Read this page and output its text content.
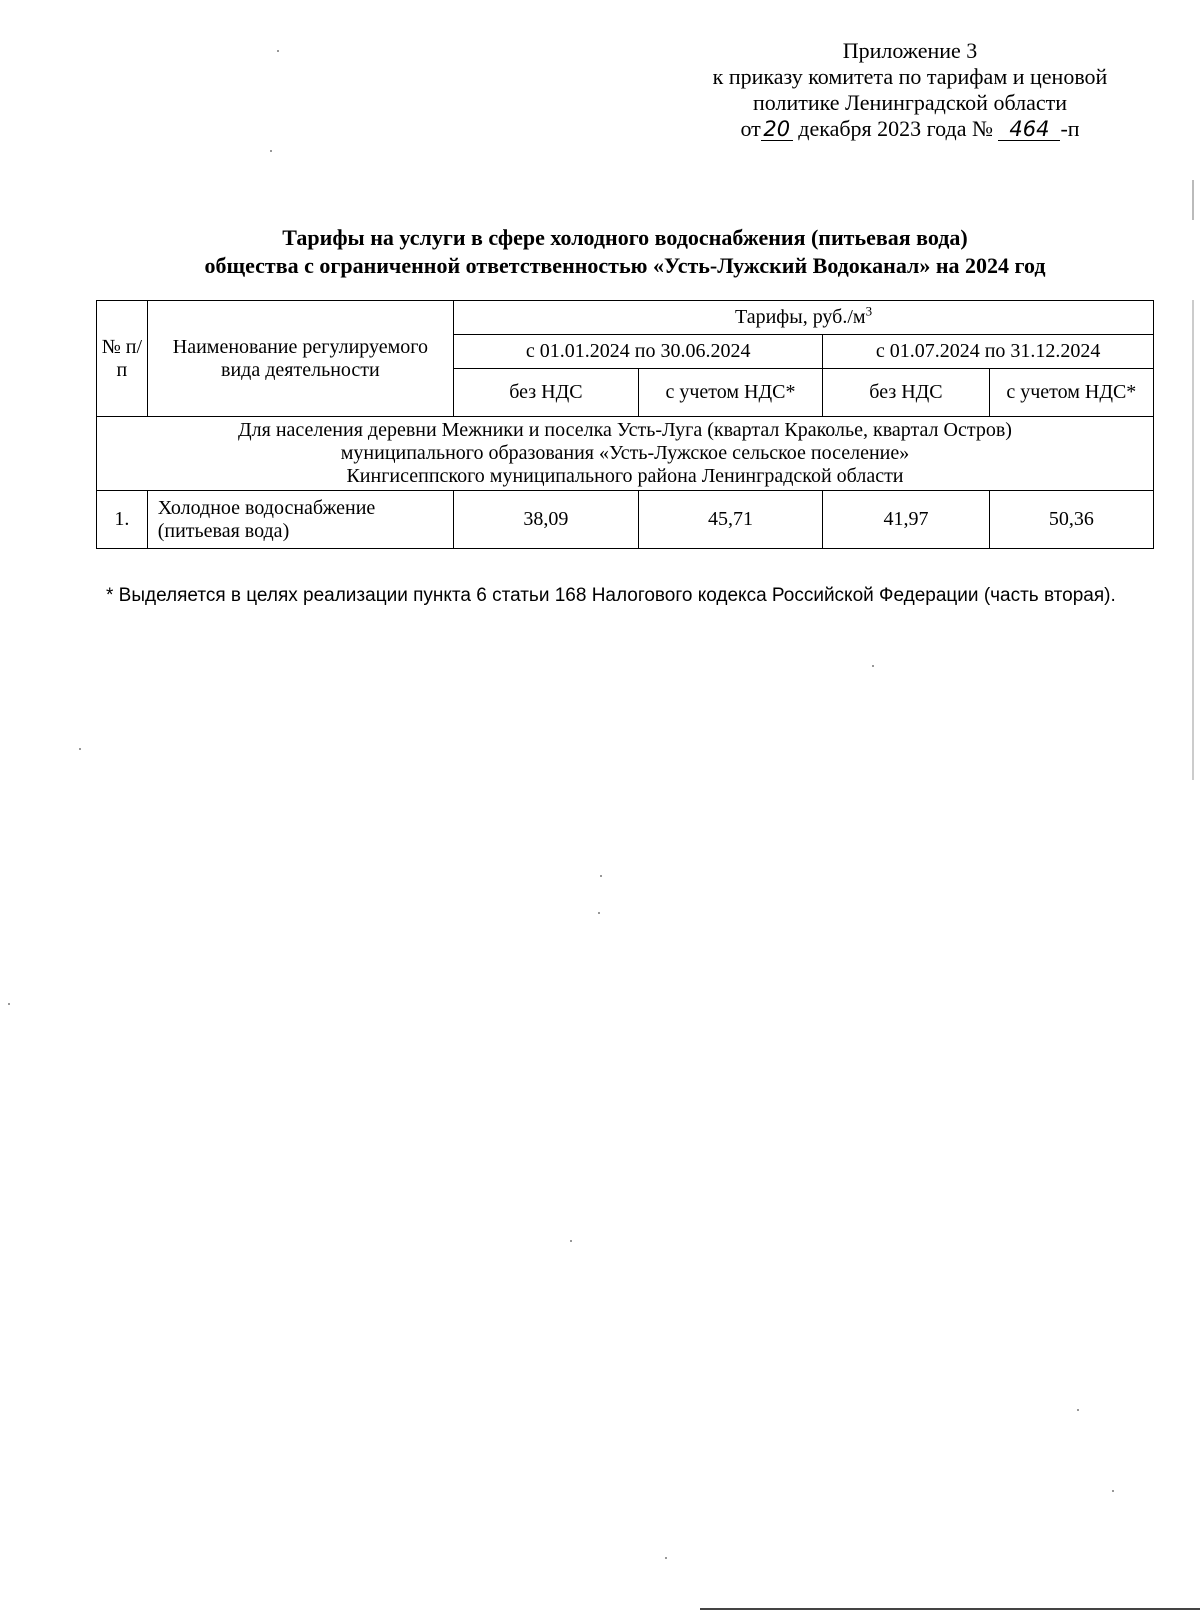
Приложение 3
к приказу комитета по тарифам и ценовой
политике Ленинградской области
от 20 декабря 2023 года № 464 -п
Тарифы на услуги в сфере холодного водоснабжения (питьевая вода)
общества с ограниченной ответственностью «Усть-Лужский Водоканал» на 2024 год
№ п/п	Наименование регулируемого вида деятельности	Тарифы, $руб./м^3$
		с 01.01.2024 по 30.06.2024		с 01.07.2024 по 31.12.2024	
		без НДС	с учетом НДС*	без НДС	с учетом НДС*

Для населения деревни Межники и поселка Усть-Луга (квартал Краколье, квартал Остров)
муниципального образования «Усть-Лужское сельское поселение»
Кингисеппского муниципального района Ленинградской области					

1.	Холодное водоснабжение (питьевая вода)	38,09	45,71	41,97	50,36
* Выделяется в целях реализации пункта 6 статьи 168 Налогового кодекса Российской Федерации (часть вторая).
